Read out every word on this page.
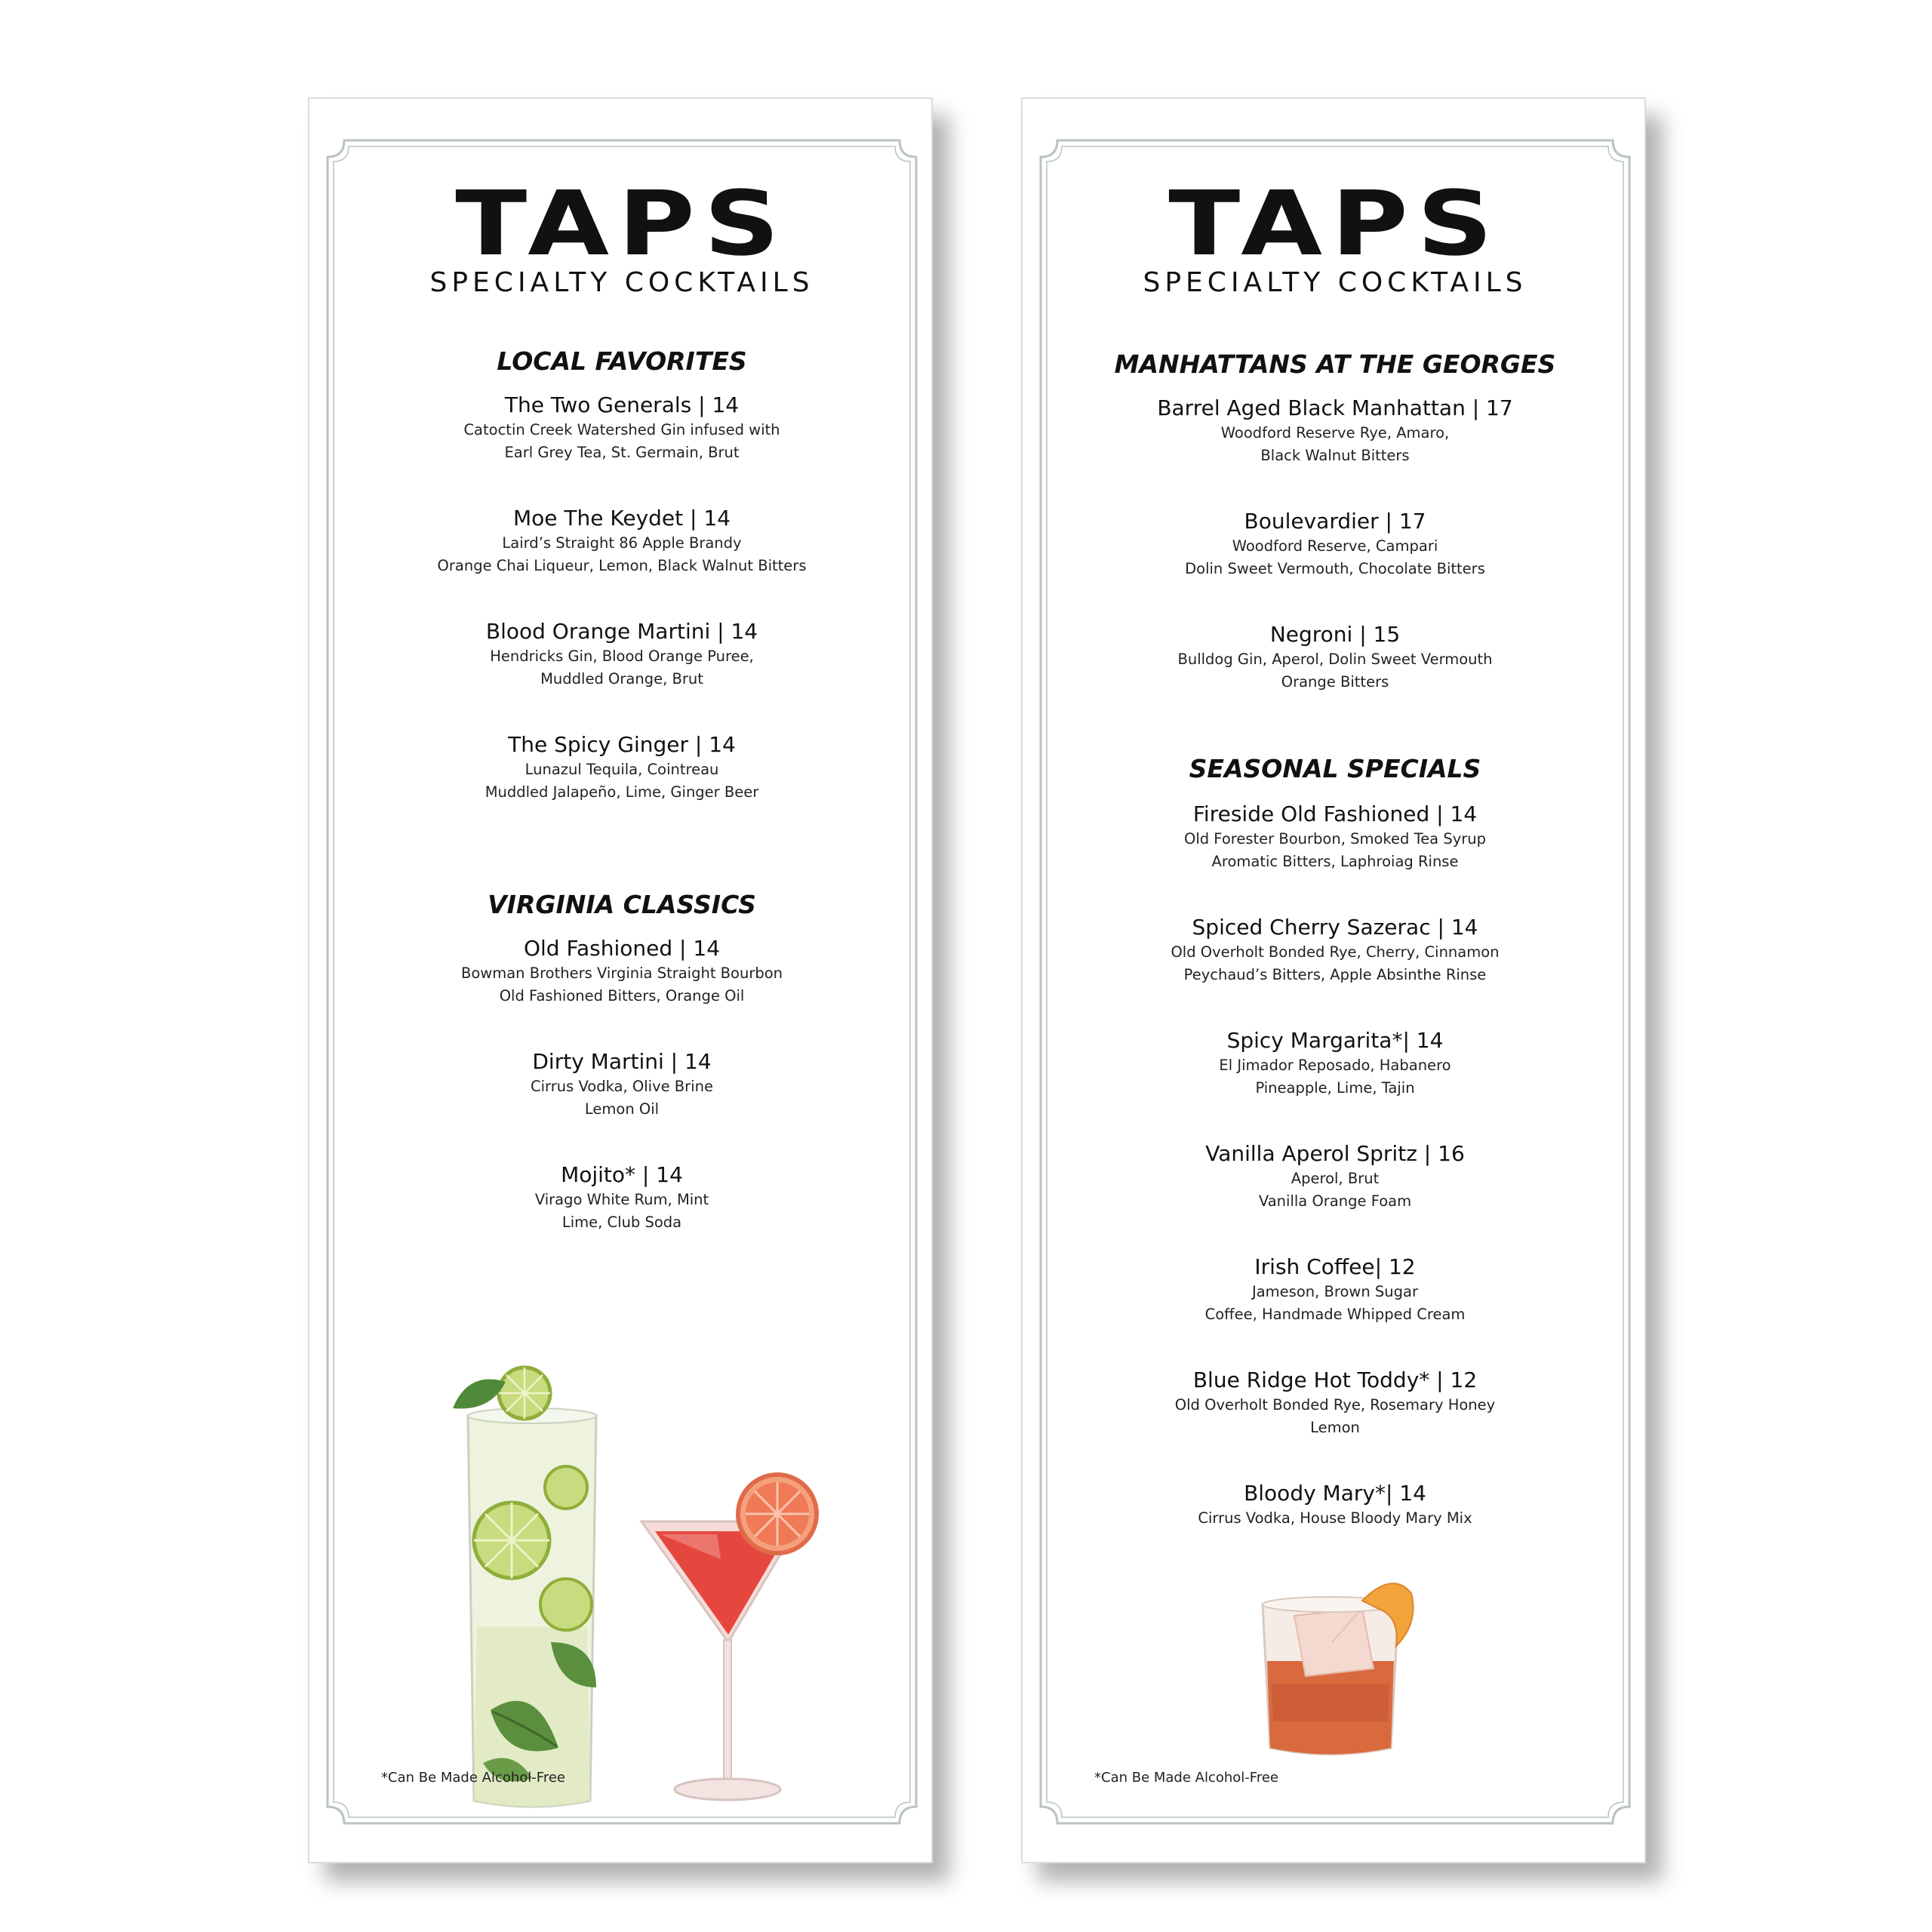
TAPS
SPECIALTY COCKTAILS
LOCAL FAVORITES
The Two Generals | 14
Catoctin Creek Watershed Gin infused with
Earl Grey Tea, St. Germain, Brut
Moe The Keydet | 14
Laird’s Straight 86 Apple Brandy
Orange Chai Liqueur, Lemon, Black Walnut Bitters
Blood Orange Martini | 14
Hendricks Gin, Blood Orange Puree,
Muddled Orange, Brut
The Spicy Ginger | 14
Lunazul Tequila, Cointreau
Muddled Jalapeño, Lime, Ginger Beer
VIRGINIA CLASSICS
Old Fashioned | 14
Bowman Brothers Virginia Straight Bourbon
Old Fashioned Bitters, Orange Oil
Dirty Martini | 14
Cirrus Vodka, Olive Brine
Lemon Oil
Mojito* | 14
Virago White Rum, Mint
Lime, Club Soda
*Can Be Made Alcohol-Free
TAPS
SPECIALTY COCKTAILS
MANHATTANS AT THE GEORGES
Barrel Aged Black Manhattan | 17
Woodford Reserve Rye, Amaro,
Black Walnut Bitters
Boulevardier | 17
Woodford Reserve, Campari
Dolin Sweet Vermouth, Chocolate Bitters
Negroni | 15
Bulldog Gin, Aperol, Dolin Sweet Vermouth
Orange Bitters
SEASONAL SPECIALS
Fireside Old Fashioned | 14
Old Forester Bourbon, Smoked Tea Syrup
Aromatic Bitters, Laphroiag Rinse
Spiced Cherry Sazerac | 14
Old Overholt Bonded Rye, Cherry, Cinnamon
Peychaud’s Bitters, Apple Absinthe Rinse
Spicy Margarita*| 14
El Jimador Reposado, Habanero
Pineapple, Lime, Tajin
Vanilla Aperol Spritz | 16
Aperol, Brut
Vanilla Orange Foam
Irish Coffee| 12
Jameson, Brown Sugar
Coffee, Handmade Whipped Cream
Blue Ridge Hot Toddy* | 12
Old Overholt Bonded Rye, Rosemary Honey
Lemon
Bloody Mary*| 14
Cirrus Vodka, House Bloody Mary Mix
*Can Be Made Alcohol-Free
